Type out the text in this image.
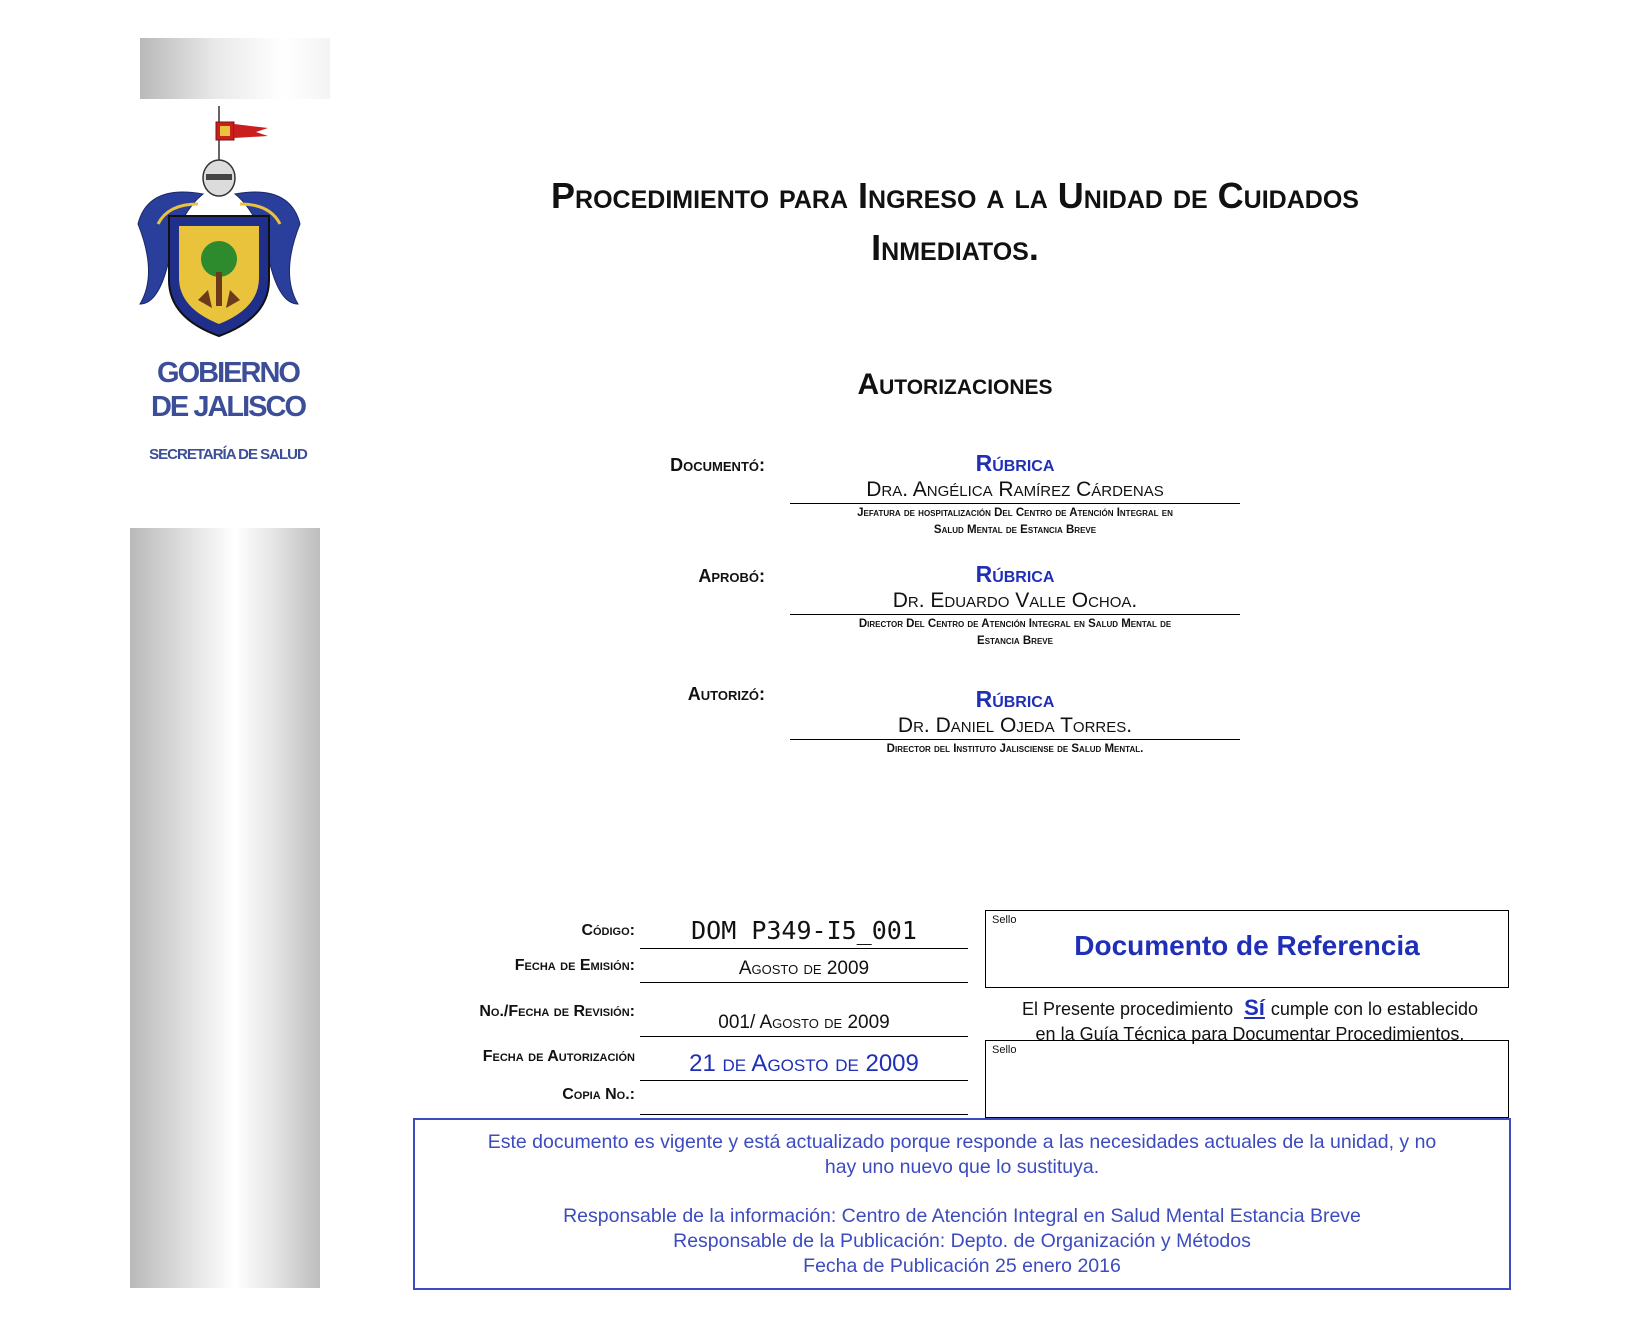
GOBIERNO
DE JALISCO
SECRETARÍA DE SALUD
Procedimiento para Ingreso a la Unidad de Cuidados
Inmediatos.
Autorizaciones
Documentó:	Rúbrica
Dra. Angélica Ramírez Cárdenas
Jefatura de hospitalización Del Centro de Atención Integral en
Salud Mental de Estancia Breve
Aprobó:	Rúbrica
Dr. Eduardo Valle Ochoa.
Director Del Centro de Atención Integral en Salud Mental de
Estancia Breve
Autorizó:	Rúbrica
Dr. Daniel Ojeda Torres.
Director del Instituto Jalisciense de Salud Mental.
Código:	DOM P349-I5_001
Fecha de Emisión:	Agosto de 2009
No./Fecha de Revisión:
001/ Agosto de 2009
Fecha de Autorización	21 de Agosto de 2009
Copia No.:
Sello
Documento de Referencia
El Presente procedimiento Sí cumple con lo establecido
en la Guía Técnica para Documentar Procedimientos.
Sello
Este documento es vigente y está actualizado porque responde a las necesidades actuales de la unidad, y no
hay uno nuevo que lo sustituya.
Responsable de la información: Centro de Atención Integral en Salud Mental Estancia Breve
Responsable de la Publicación: Depto. de Organización y Métodos
Fecha de Publicación 25 enero 2016
